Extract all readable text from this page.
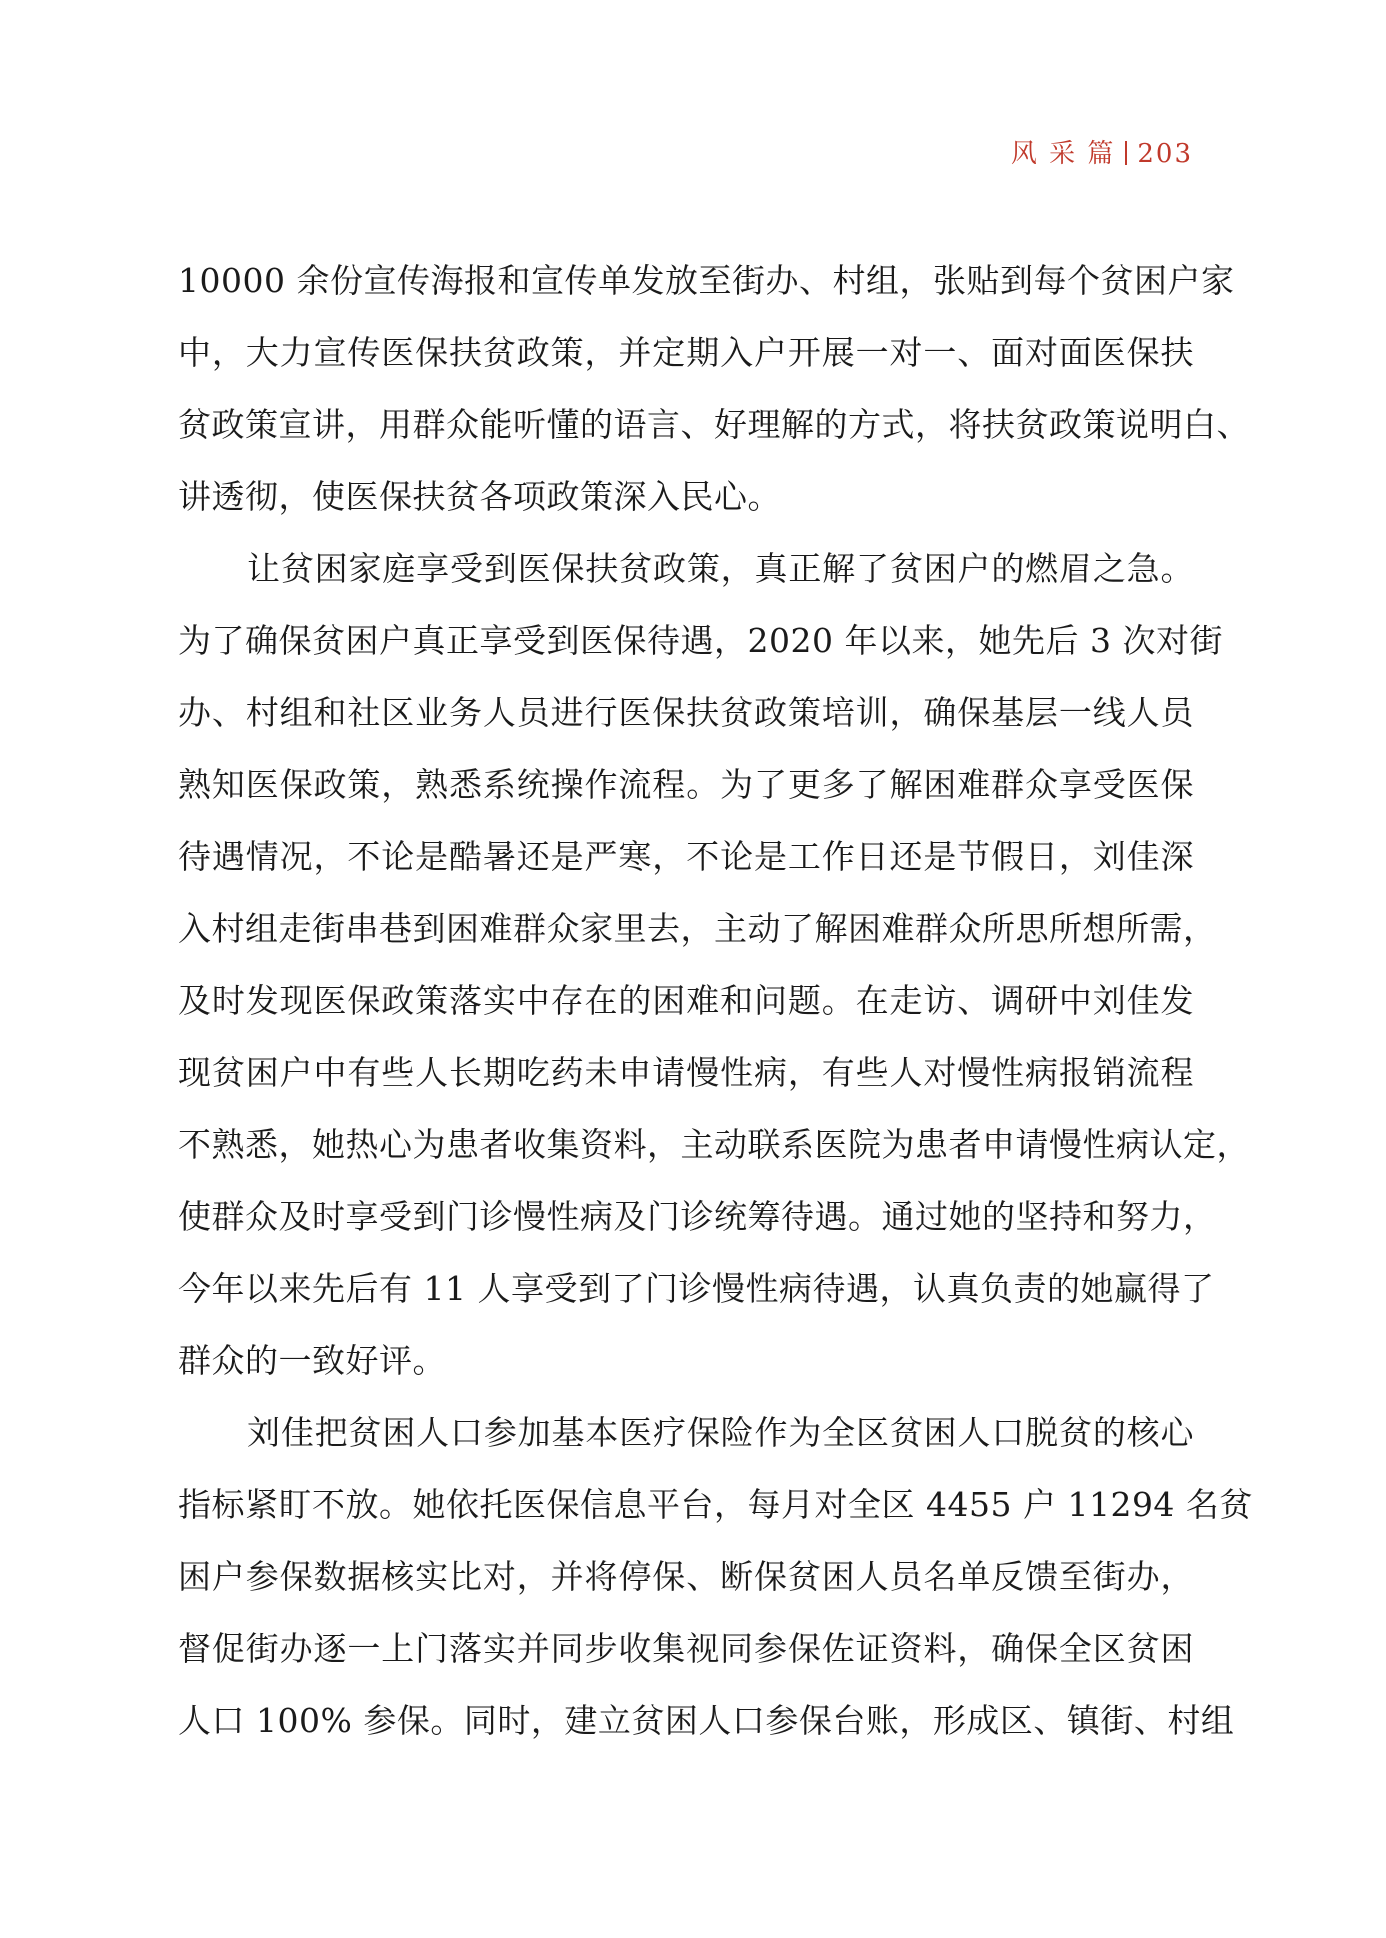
风 采 篇 203

10000 余份宣传海报和宣传单发放至街办、村组，张贴到每个贫困户家
中，大力宣传医保扶贫政策，并定期入户开展一对一、面对面医保扶
贫政策宣讲，用群众能听懂的语言、好理解的方式，将扶贫政策说明白、
讲透彻，使医保扶贫各项政策深入民心。

让贫困家庭享受到医保扶贫政策，真正解了贫困户的燃眉之急。
为了确保贫困户真正享受到医保待遇，2020 年以来，她先后 3 次对街
办、村组和社区业务人员进行医保扶贫政策培训，确保基层一线人员
熟知医保政策，熟悉系统操作流程。为了更多了解困难群众享受医保
待遇情况，不论是酷暑还是严寒，不论是工作日还是节假日，刘佳深
入村组走街串巷到困难群众家里去，主动了解困难群众所思所想所需，
及时发现医保政策落实中存在的困难和问题。在走访、调研中刘佳发
现贫困户中有些人长期吃药未申请慢性病，有些人对慢性病报销流程
不熟悉，她热心为患者收集资料，主动联系医院为患者申请慢性病认定，
使群众及时享受到门诊慢性病及门诊统筹待遇。通过她的坚持和努力，
今年以来先后有 11 人享受到了门诊慢性病待遇，认真负责的她赢得了
群众的一致好评。

刘佳把贫困人口参加基本医疗保险作为全区贫困人口脱贫的核心
指标紧盯不放。她依托医保信息平台，每月对全区 4455 户 11294 名贫
困户参保数据核实比对，并将停保、断保贫困人员名单反馈至街办，
督促街办逐一上门落实并同步收集视同参保佐证资料，确保全区贫困
人口 100% 参保。同时，建立贫困人口参保台账，形成区、镇街、村组
